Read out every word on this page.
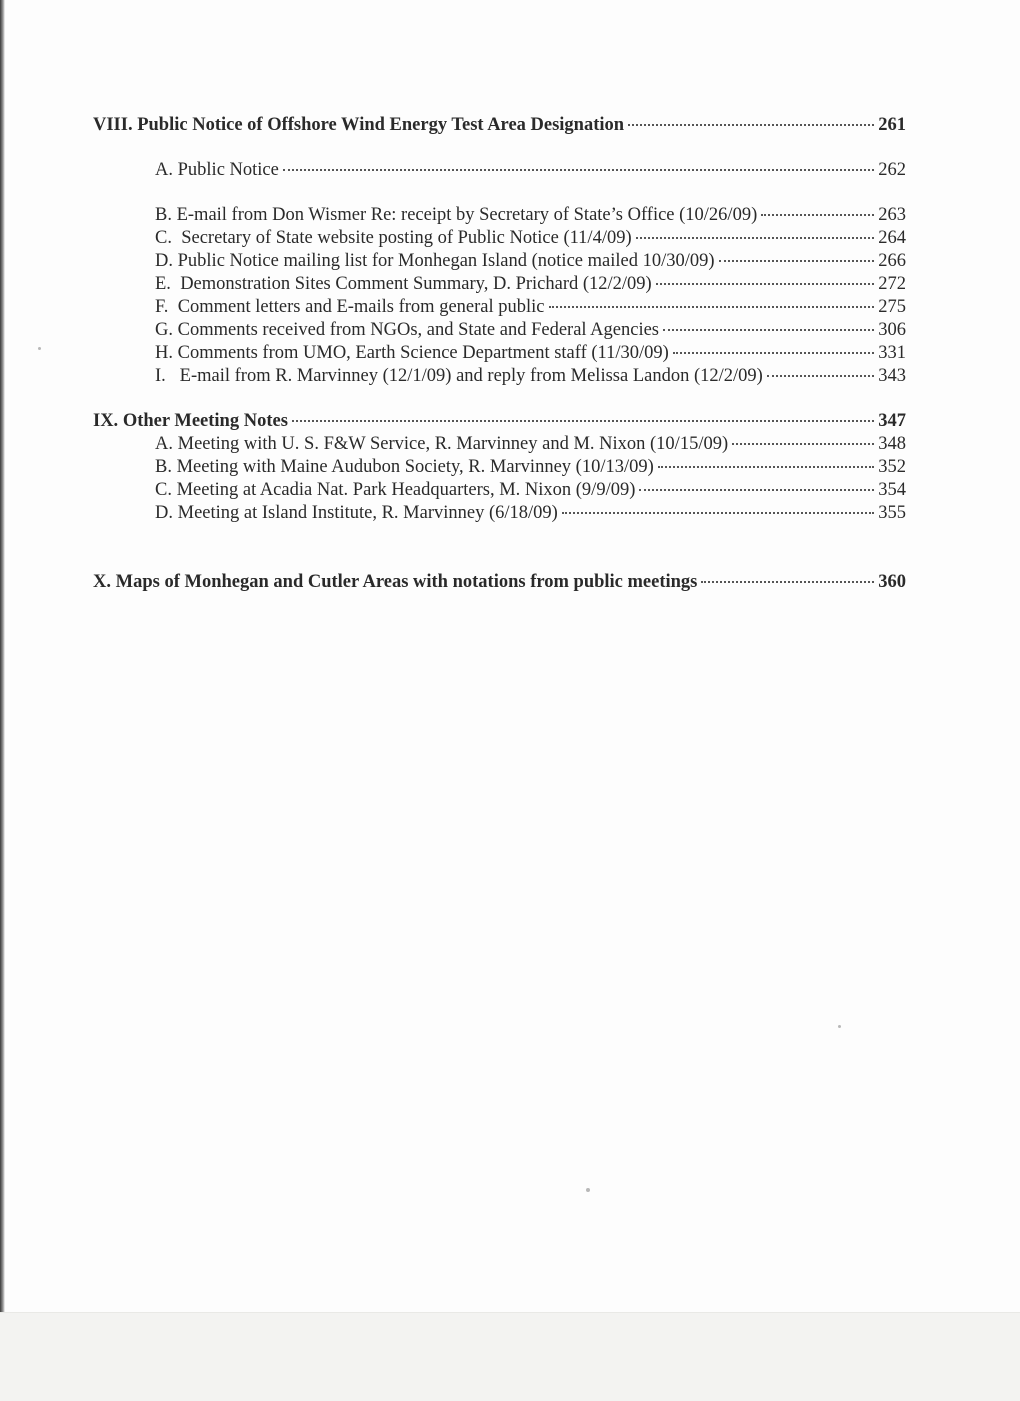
VIII. Public Notice of Offshore Wind Energy Test Area Designation	261
A. Public Notice	262
B. E-mail from Don Wismer Re: receipt by Secretary of State’s Office (10/26/09)	263
C. Secretary of State website posting of Public Notice (11/4/09)	264
D. Public Notice mailing list for Monhegan Island (notice mailed 10/30/09)	266
E. Demonstration Sites Comment Summary, D. Prichard (12/2/09)	272
F. Comment letters and E-mails from general public	275
G. Comments received from NGOs, and State and Federal Agencies	306
H. Comments from UMO, Earth Science Department staff (11/30/09)	331
I. E-mail from R. Marvinney (12/1/09) and reply from Melissa Landon (12/2/09)	343
IX. Other Meeting Notes	347
A. Meeting with U. S. F&W Service, R. Marvinney and M. Nixon (10/15/09)	348
B. Meeting with Maine Audubon Society, R. Marvinney (10/13/09)	352
C. Meeting at Acadia Nat. Park Headquarters, M. Nixon (9/9/09)	354
D. Meeting at Island Institute, R. Marvinney (6/18/09)	355
X. Maps of Monhegan and Cutler Areas with notations from public meetings	360
